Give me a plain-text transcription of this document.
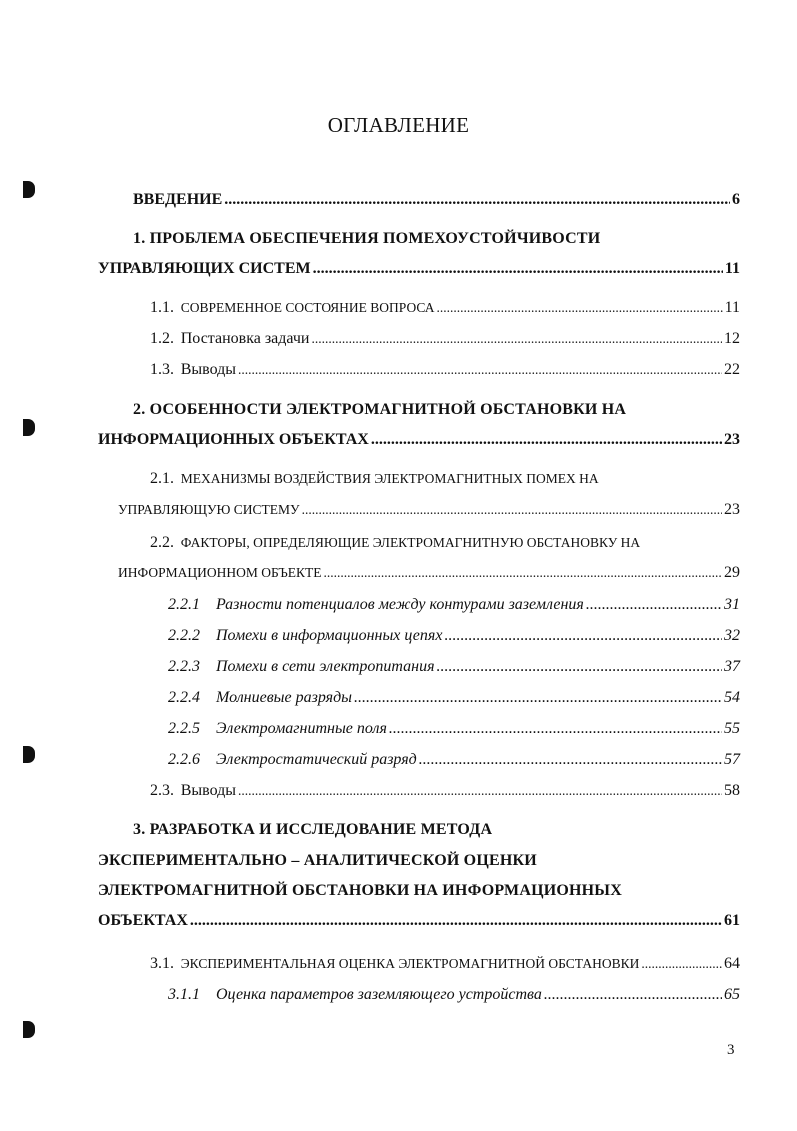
ОГЛАВЛЕНИЕ
ВВЕДЕНИЕ .....	6
1. ПРОБЛЕМА ОБЕСПЕЧЕНИЯ ПОМЕХОУСТОЙЧИВОСТИ
УПРАВЛЯЮЩИХ СИСТЕМ .....	11
1.1. СОВРЕМЕННОЕ СОСТОЯНИЕ ВОПРОСА .....	11
1.2. Постановка задачи .....	12
1.3. Выводы .....	22
2. ОСОБЕННОСТИ ЭЛЕКТРОМАГНИТНОЙ ОБСТАНОВКИ НА
ИНФОРМАЦИОННЫХ ОБЪЕКТАХ .....	23
2.1. МЕХАНИЗМЫ ВОЗДЕЙСТВИЯ ЭЛЕКТРОМАГНИТНЫХ ПОМЕХ НА
УПРАВЛЯЮЩУЮ СИСТЕМУ .....	23
2.2. ФАКТОРЫ, ОПРЕДЕЛЯЮЩИЕ ЭЛЕКТРОМАГНИТНУЮ ОБСТАНОВКУ НА
ИНФОРМАЦИОННОМ ОБЪЕКТЕ .....	29
2.2.1    Разности потенциалов между контурами заземления .....	31
2.2.2    Помехи в информационных цепях .....	32
2.2.3    Помехи в сети электропитания .....	37
2.2.4    Молниевые разряды .....	54
2.2.5    Электромагнитные поля .....	55
2.2.6    Электростатический разряд .....	57
2.3. Выводы .....	58
3. РАЗРАБОТКА И ИССЛЕДОВАНИЕ МЕТОДА
ЭКСПЕРИМЕНТАЛЬНО – АНАЛИТИЧЕСКОЙ ОЦЕНКИ
ЭЛЕКТРОМАГНИТНОЙ ОБСТАНОВКИ НА ИНФОРМАЦИОННЫХ
ОБЪЕКТАХ .....	61
3.1. ЭКСПЕРИМЕНТАЛЬНАЯ ОЦЕНКА ЭЛЕКТРОМАГНИТНОЙ ОБСТАНОВКИ .....	64
3.1.1    Оценка параметров заземляющего устройства .....	65
3
